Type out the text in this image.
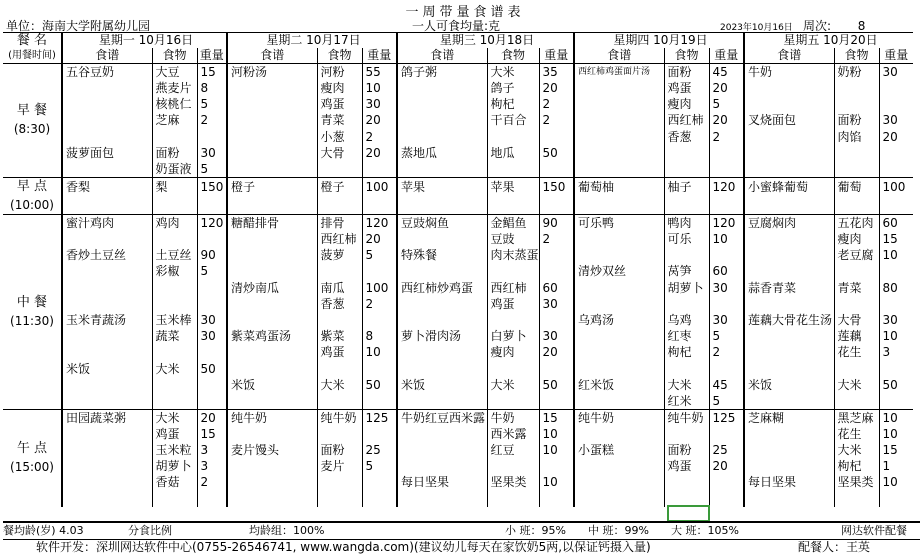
一周带量食谱表
单位：海南大学附属幼儿园	一人可食均量:克	2023年10月16日 周次: 8
餐 名	星期一 10月16日			星期二 10月17日			星期三 10月18日			星期四 10月19日			星期五 10月20日		
(用餐时间)	食谱	食物	重量	食谱	食物	重量	食谱	食物	重量	食谱	食物	重量	食谱	食物	重量

早 餐
(8:30)	五谷豆奶	大豆	15	河粉汤	河粉	55	鸽子粥	大米	35	西红柿鸡蛋面片汤	面粉	45	牛奶	奶粉	30
		燕麦片	8		瘦肉	10		鸽子	20		鸡蛋	20			
		核桃仁	5		鸡蛋	30		枸杞	2		瘦肉	5			
		芝麻	2		青菜	20		干百合	2		西红柿	20	叉烧面包	面粉	30
					小葱	2					香葱	2		肉馅	20
	菠萝面包	面粉	30		大骨	20	蒸地瓜	地瓜	50						
		奶蛋液	5												

早 点
(10:00)	香梨	梨	150	橙子	橙子	100	苹果	苹果	150	葡萄柚	柚子	120	小蜜蜂葡萄	葡萄	100

中 餐
(11:30)	蜜汁鸡肉	鸡肉	120	糖醋排骨	排骨	120	豆豉焖鱼	金鲳鱼	90	可乐鸭	鸭肉	120	豆腐焖肉	五花肉	60
					西红柿	20		豆豉	2		可乐	10		瘦肉	15
	香炒土豆丝	土豆丝	90		菠萝	5	特殊餐	肉末蒸蛋						老豆腐	10
		彩椒	5							清炒双丝	莴笋	60			
				清炒南瓜	南瓜	100	西红柿炒鸡蛋	西红柿	60		胡萝卜	30	蒜香青菜	青菜	80
					香葱	2		鸡蛋	30						
	玉米青蔬汤	玉米棒	30							乌鸡汤	乌鸡	30	莲藕大骨花生汤	大骨	30
		蔬菜	30	紫菜鸡蛋汤	紫菜	8	萝卜滑肉汤	白萝卜	30		红枣	5		莲藕	10
					鸡蛋	10		瘦肉	20		枸杞	2		花生	3
	米饭	大米	50												
				米饭	大米	50	米饭	大米	50	红米饭	大米	45	米饭	大米	50
											红米	5			

午 点
(15:00)	田园蔬菜粥	大米	20	纯牛奶	纯牛奶	125	牛奶红豆西米露	牛奶	15	纯牛奶	纯牛奶	125	芝麻糊	黑芝麻	10
		鸡蛋	15					西米露	10					花生	10
		玉米粒	3	麦片馒头	面粉	25		红豆	10	小蛋糕	面粉	25		大米	15
		胡萝卜	3		麦片	5					鸡蛋	20		枸杞	1
		香菇	2				每日坚果	坚果类	10				每日坚果	坚果类	10

餐均龄(岁) 4.03	分食比例	均龄组：100%	小 班：95% 中 班：99% 大 班：105%	网达软件配餐
软件开发：深圳网达软件中心(0755-26546741, www.wangda.com)(建议幼儿每天在家饮奶5两,以保证钙摄入量)	配餐人：王英
